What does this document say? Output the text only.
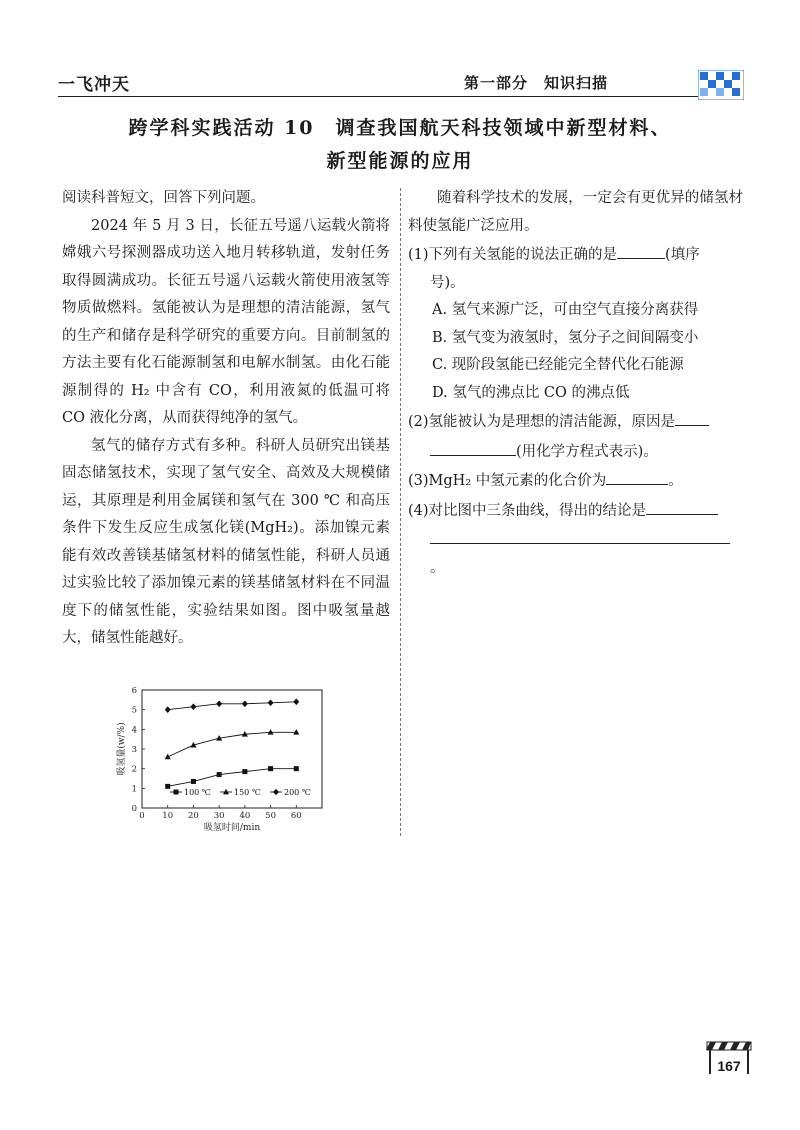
一飞冲天	第一部分 知识扫描
跨学科实践活动 10　调查我国航天科技领域中新型材料、
新型能源的应用

阅读科普短文，回答下列问题。

2024 年 5 月 3 日，长征五号遥八运载火箭将嫦娥六号探测器成功送入地月转移轨道，发射任务取得圆满成功。长征五号遥八运载火箭使用液氢等物质做燃料。氢能被认为是理想的清洁能源，氢气的生产和储存是科学研究的重要方向。目前制氢的方法主要有化石能源制氢和电解水制氢。由化石能源制得的 H₂ 中含有 CO，利用液氮的低温可将 CO 液化分离，从而获得纯净的氢气。

氢气的储存方式有多种。科研人员研究出镁基固态储氢技术，实现了氢气安全、高效及大规模储运，其原理是利用金属镁和氢气在 300 ℃ 和高压条件下发生反应生成氢化镁(MgH₂)。添加镍元素能有效改善镁基储氢材料的储氢性能，科研人员通过实验比较了添加镍元素的镁基储氢材料在不同温度下的储氢性能，实验结果如图。图中吸氢量越大，储氢性能越好。

随着科学技术的发展，一定会有更优异的储氢材料使氢能广泛应用。

(1)下列有关氢能的说法正确的是	(填序

号)。

A. 氢气来源广泛，可由空气直接分离获得

B. 氢气变为液氢时，氢分子之间间隔变小

C. 现阶段氢能已经能完全替代化石能源

D. 氢气的沸点比 CO 的沸点低

(2)氢能被认为是理想的清洁能源，原因是

(用化学方程式表示)。

(3)MgH₂ 中氢元素的化合价为	。

(4)对比图中三条曲线，得出的结论是

。

0 10 20 30 40 50 60
0
1
2
3
4
5
6
吸氢时间/min
吸氢量(w/%)
100 ℃	150 ℃	200 ℃
167
